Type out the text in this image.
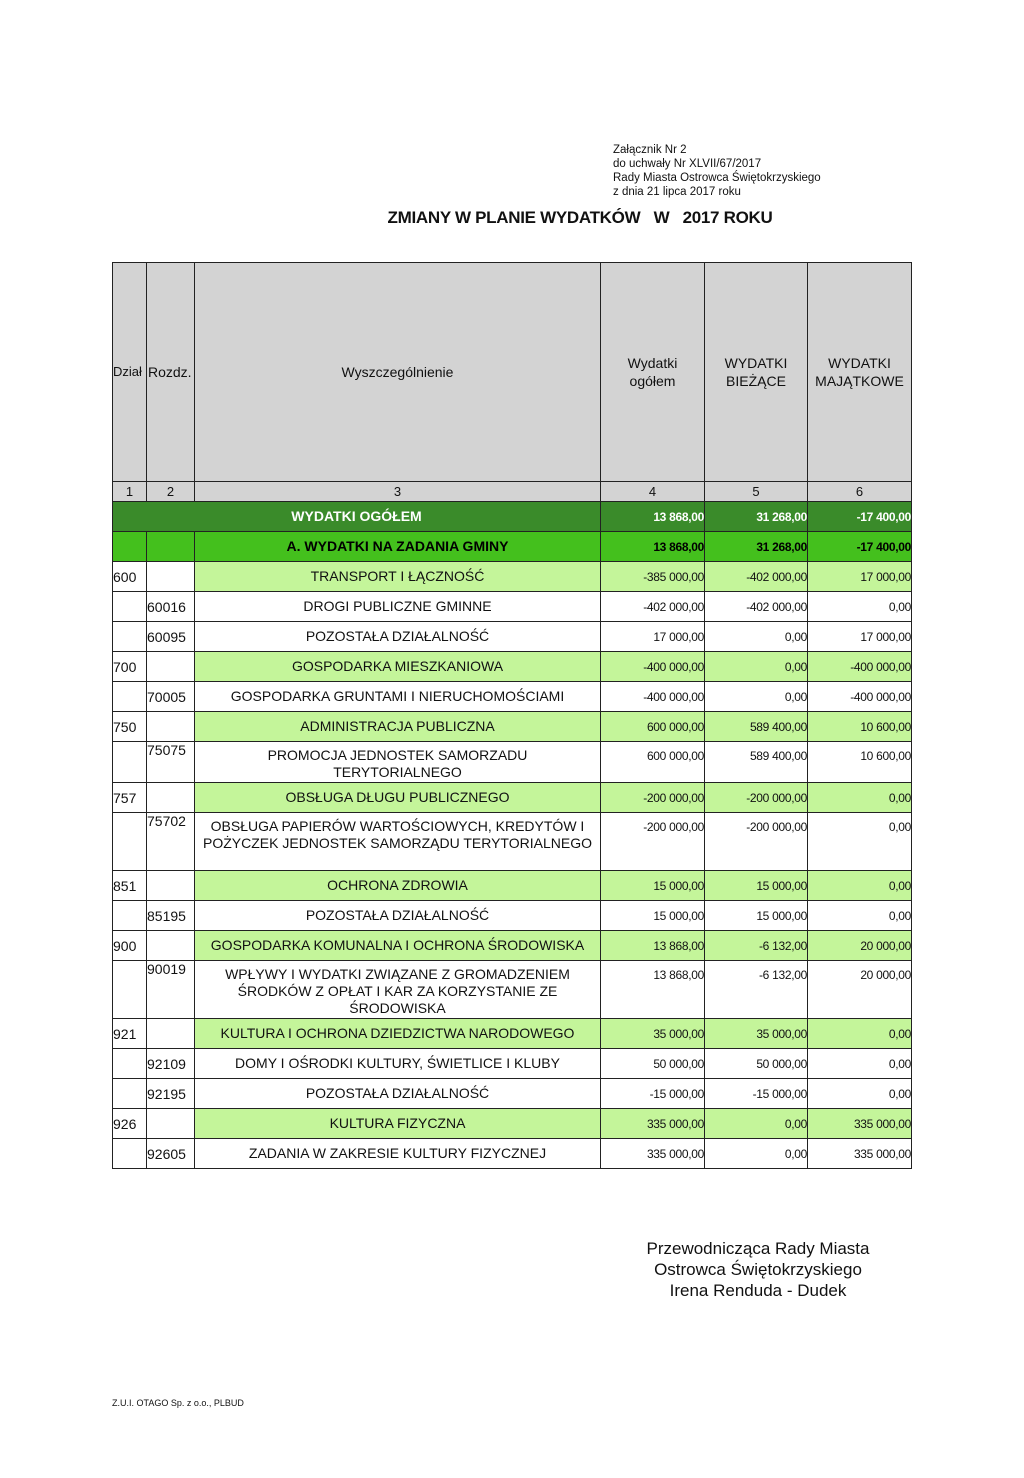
Załącznik Nr 2
do uchwały Nr XLVII/67/2017
Rady Miasta Ostrowca Świętokrzyskiego
z dnia 21 lipca 2017 roku
ZMIANY W PLANIE WYDATKÓW   W   2017 ROKU
Dział	Rozdz.	Wyszczególnienie	Wydatki ogółem	WYDATKI BIEŻĄCE	WYDATKI MAJĄTKOWE
1	2	3	4	5	6
WYDATKI OGÓŁEM			13 868,00	31 268,00	-17 400,00
		A. WYDATKI NA ZADANIA GMINY	13 868,00	31 268,00	-17 400,00
600		TRANSPORT I ŁĄCZNOŚĆ	-385 000,00	-402 000,00	17 000,00
	60016	DROGI PUBLICZNE GMINNE	-402 000,00	-402 000,00	0,00
	60095	POZOSTAŁA DZIAŁALNOŚĆ	17 000,00	0,00	17 000,00
700		GOSPODARKA MIESZKANIOWA	-400 000,00	0,00	-400 000,00
	70005	GOSPODARKA GRUNTAMI I NIERUCHOMOŚCIAMI	-400 000,00	0,00	-400 000,00
750		ADMINISTRACJA PUBLICZNA	600 000,00	589 400,00	10 600,00
	75075	PROMOCJA JEDNOSTEK SAMORZADU TERYTORIALNEGO	600 000,00	589 400,00	10 600,00
757		OBSŁUGA DŁUGU PUBLICZNEGO	-200 000,00	-200 000,00	0,00
	75702	OBSŁUGA PAPIERÓW WARTOŚCIOWYCH, KREDYTÓW I POŻYCZEK JEDNOSTEK SAMORZĄDU TERYTORIALNEGO	-200 000,00	-200 000,00	0,00
851		OCHRONA ZDROWIA	15 000,00	15 000,00	0,00
	85195	POZOSTAŁA DZIAŁALNOŚĆ	15 000,00	15 000,00	0,00
900		GOSPODARKA KOMUNALNA I OCHRONA ŚRODOWISKA	13 868,00	-6 132,00	20 000,00
	90019	WPŁYWY I WYDATKI ZWIĄZANE Z GROMADZENIEM ŚRODKÓW Z OPŁAT I KAR ZA KORZYSTANIE ZE ŚRODOWISKA	13 868,00	-6 132,00	20 000,00
921		KULTURA I OCHRONA DZIEDZICTWA NARODOWEGO	35 000,00	35 000,00	0,00
	92109	DOMY I OŚRODKI KULTURY, ŚWIETLICE I KLUBY	50 000,00	50 000,00	0,00
	92195	POZOSTAŁA DZIAŁALNOŚĆ	-15 000,00	-15 000,00	0,00
926		KULTURA FIZYCZNA	335 000,00	0,00	335 000,00
	92605	ZADANIA W ZAKRESIE KULTURY FIZYCZNEJ	335 000,00	0,00	335 000,00
Przewodnicząca Rady Miasta
Ostrowca Świętokrzyskiego
Irena Renduda - Dudek
Z.U.I. OTAGO Sp. z o.o., PLBUD
